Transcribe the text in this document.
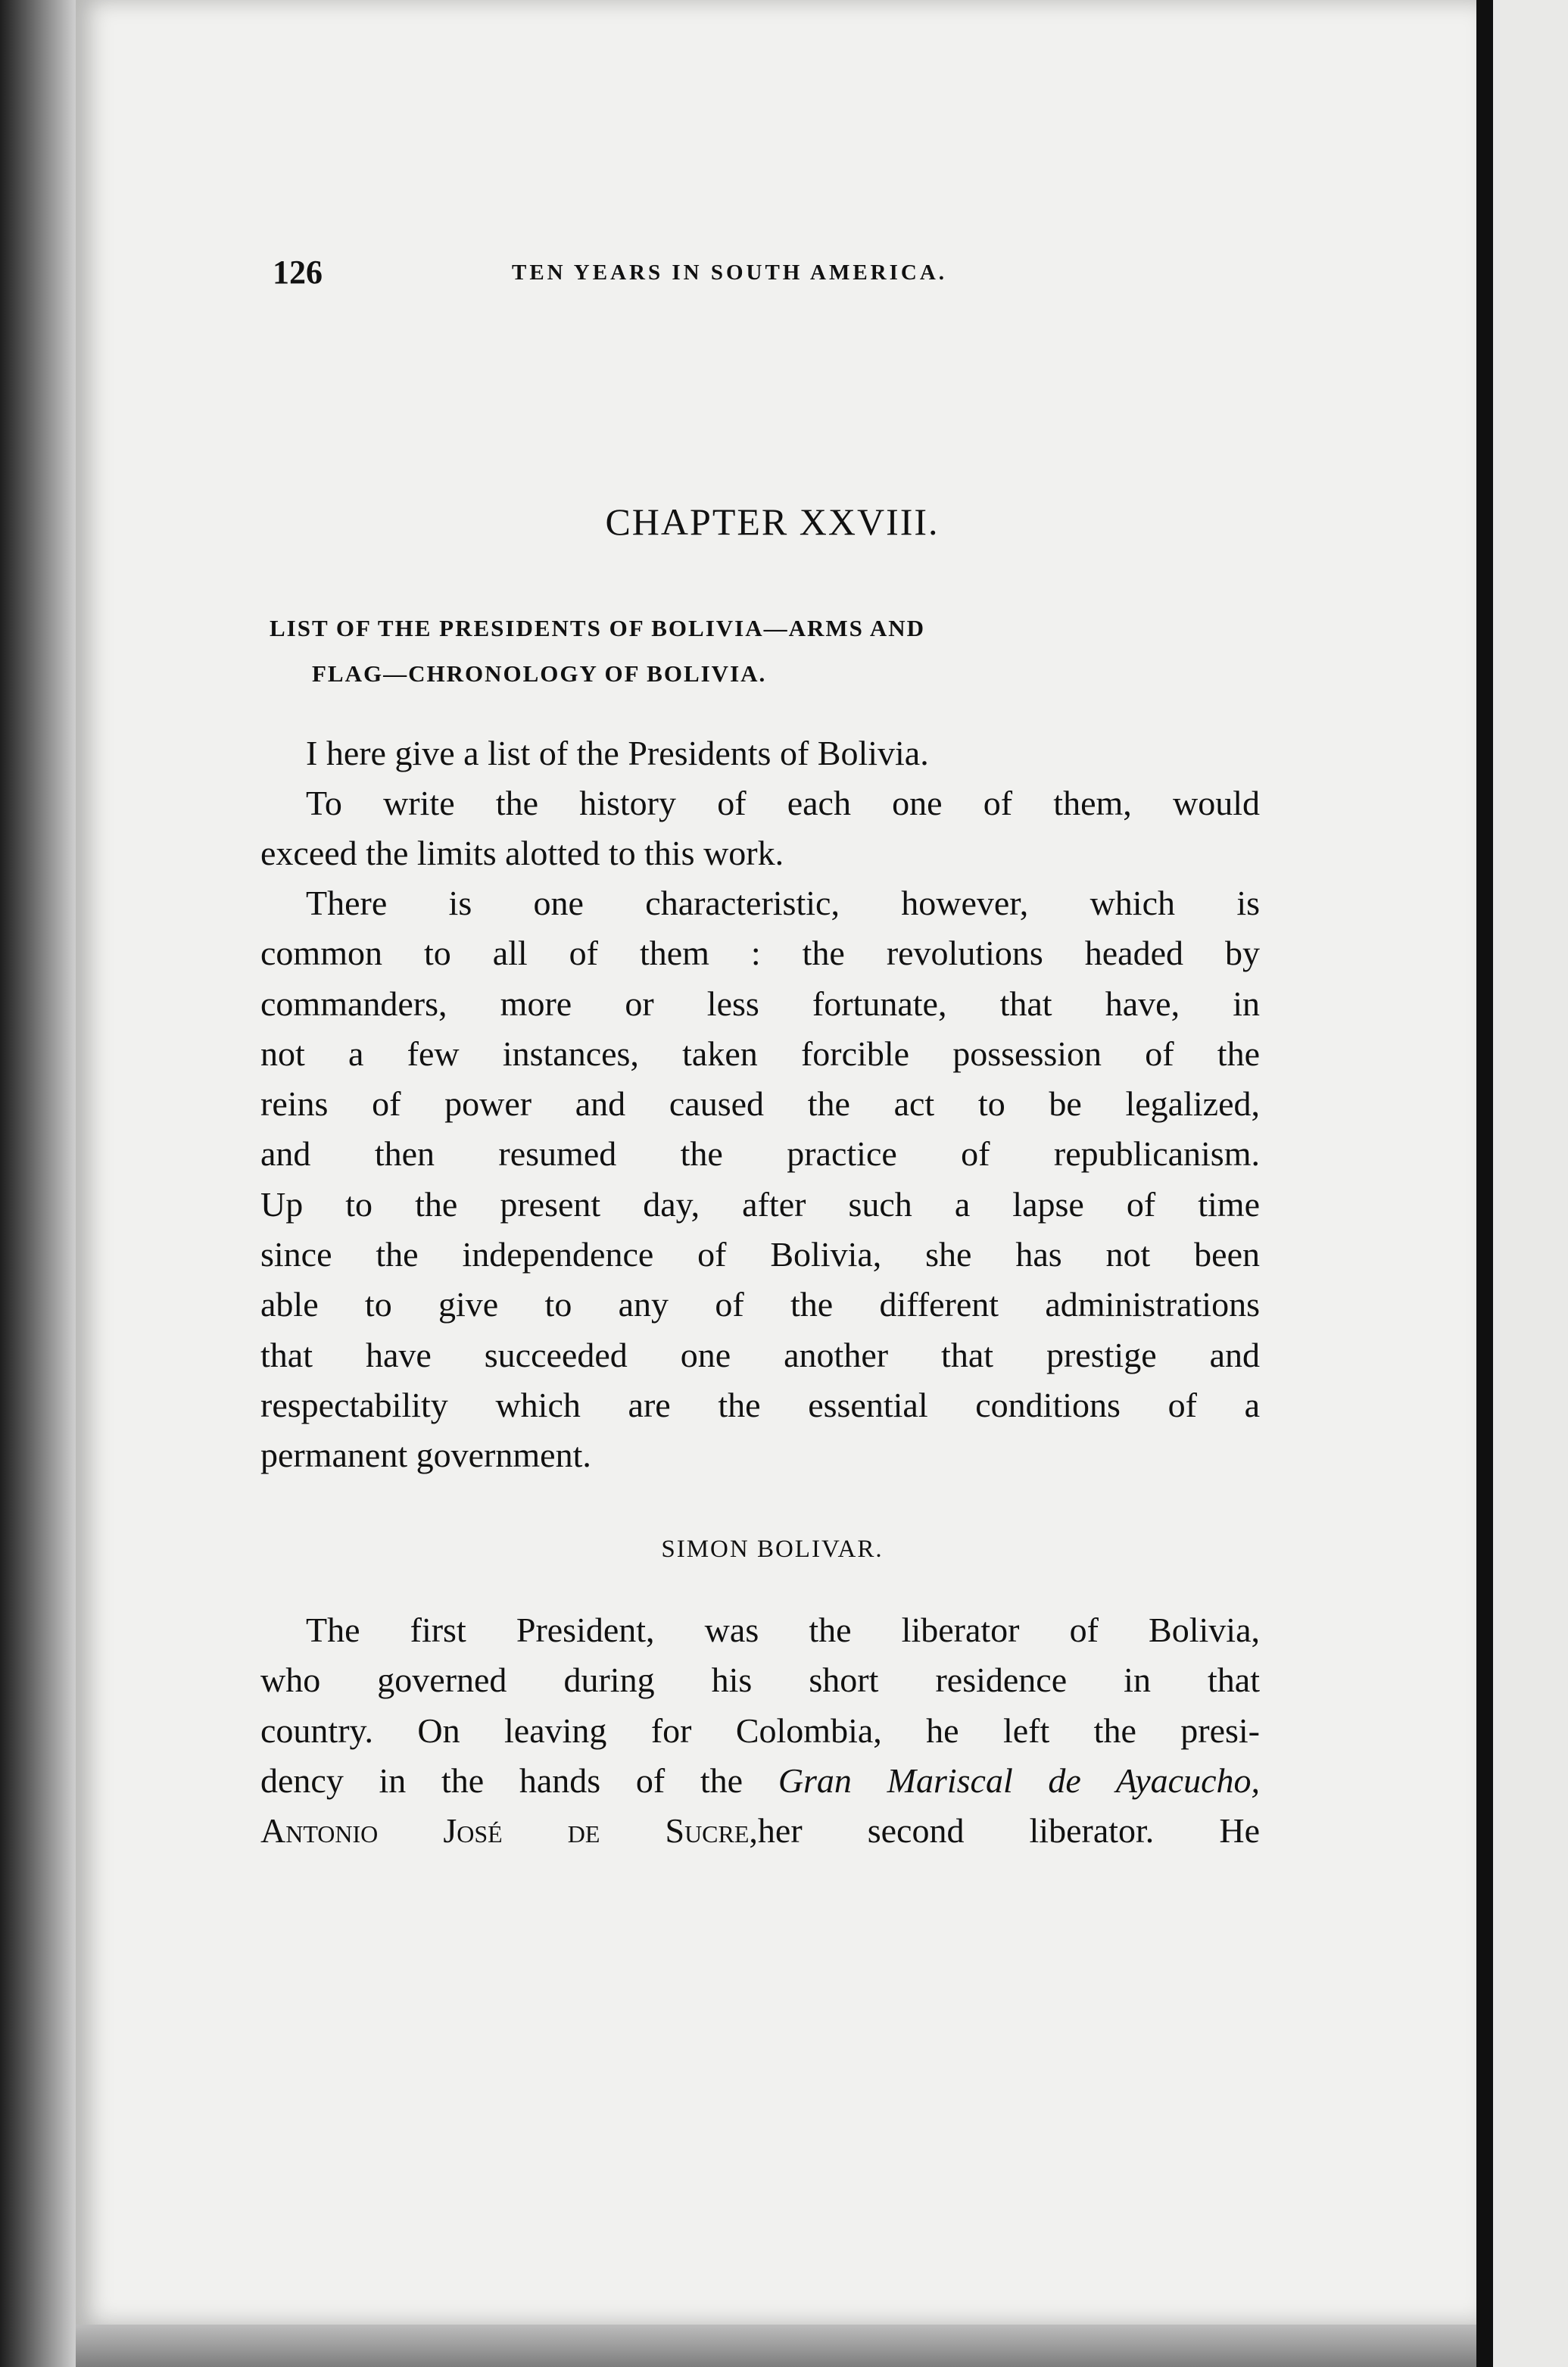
126	TEN YEARS IN SOUTH AMERICA.
CHAPTER XXVIII.
LIST OF THE PRESIDENTS OF BOLIVIA—ARMS AND
FLAG—CHRONOLOGY OF BOLIVIA.
I here give a list of the Presidents of Bolivia.
To write the history of each one of them, would
exceed the limits alotted to this work.
There is one characteristic, however, which is
common to all of them : the revolutions headed by
commanders, more or less fortunate, that have, in
not a few instances, taken forcible possession of the
reins of power and caused the act to be legalized,
and then resumed the practice of republicanism.
Up to the present day, after such a lapse of time
since the independence of Bolivia, she has not been
able to give to any of the different administrations
that have succeeded one another that prestige and
respectability which are the essential conditions of a
permanent government.
SIMON BOLIVAR.
The first President, was the liberator of Bolivia,
who governed during his short residence in that
country. On leaving for Colombia, he left the presi-
dency in the hands of the Gran Mariscal de Ayacucho,
Antonio José de Sucre,her second liberator. He
